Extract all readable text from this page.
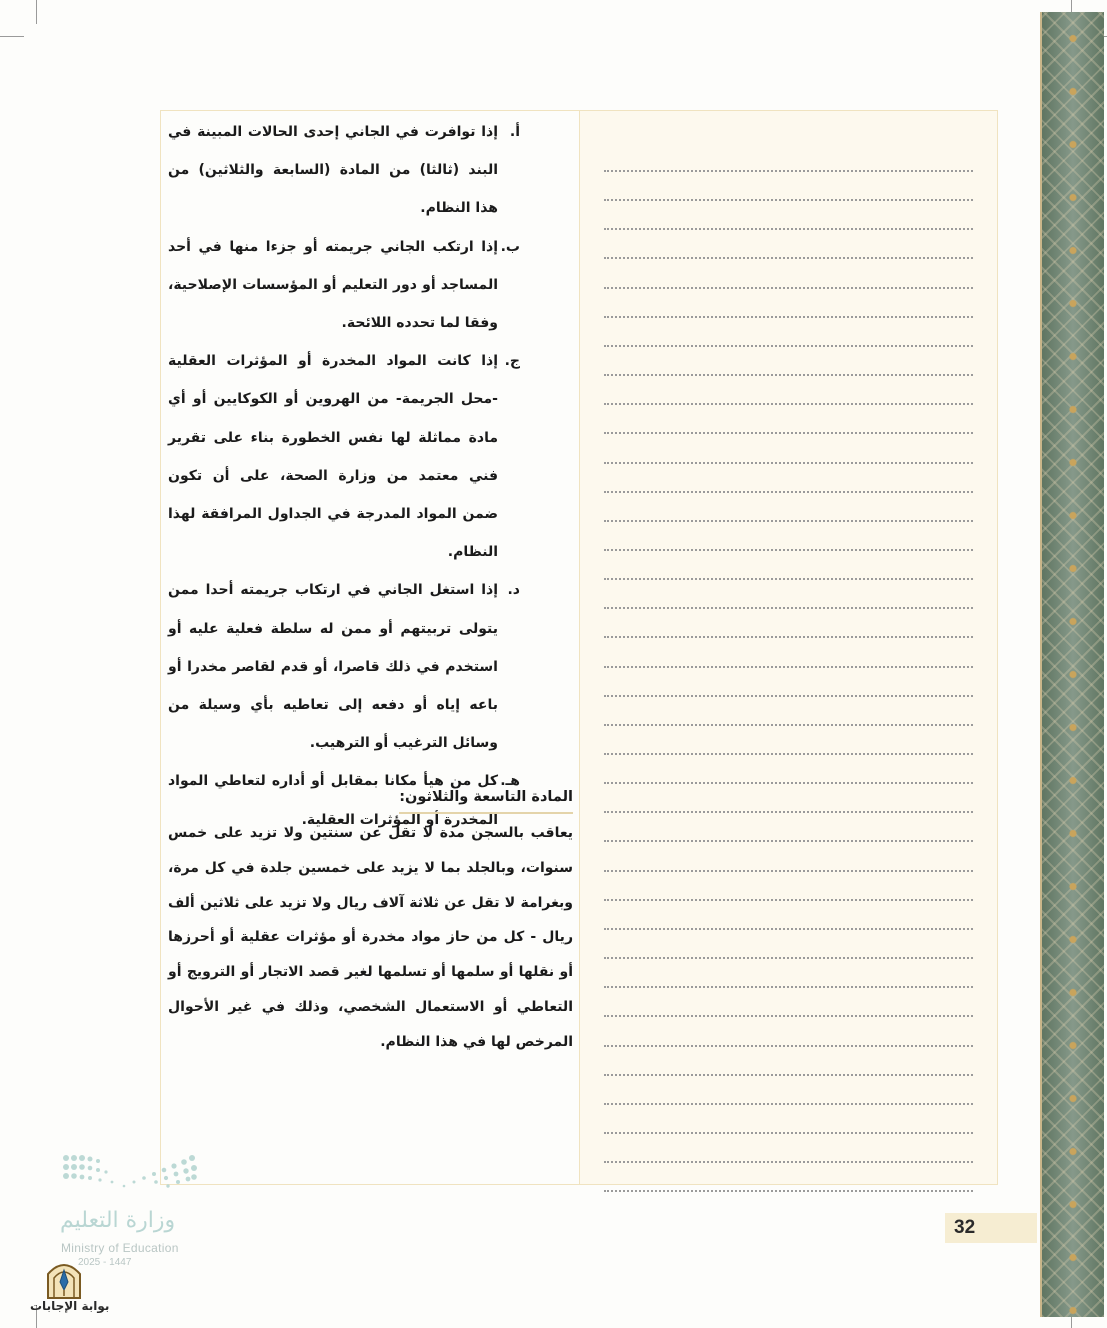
أ.
إذا توافرت في الجاني إحدى الحالات المبينة في البند (ثالثا) من المادة (السابعة والثلاثين) من هذا النظام.
ب.
إذا ارتكب الجاني جريمته أو جزءا منها في أحد المساجد أو دور التعليم أو المؤسسات الإصلاحية، وفقا لما تحدده اللائحة.
ج.
إذا كانت المواد المخدرة أو المؤثرات العقلية -محل الجريمة- من الهروين أو الكوكايين أو أي مادة مماثلة لها نفس الخطورة بناء على تقرير فني معتمد من وزارة الصحة، على أن تكون ضمن المواد المدرجة في الجداول المرافقة لهذا النظام.
د.
إذا استغل الجاني في ارتكاب جريمته أحدا ممن يتولى تربيتهم أو ممن له سلطة فعلية عليه أو استخدم في ذلك قاصرا، أو قدم لقاصر مخدرا أو باعه إياه أو دفعه إلى تعاطيه بأي وسيلة من وسائل الترغيب أو الترهيب.
هـ.
كل من هيأ مكانا بمقابل أو أداره لتعاطي المواد المخدرة أو المؤثرات العقلية.
المادة التاسعة والثلاثون:
يعاقب بالسجن مدة لا تقل عن سنتين ولا تزيد على خمس سنوات، وبالجلد بما لا يزيد على خمسين جلدة في كل مرة، وبغرامة لا تقل عن ثلاثة آلاف ريال ولا تزيد على ثلاثين ألف ريال - كل من حاز مواد مخدرة أو مؤثرات عقلية أو أحرزها أو نقلها أو سلمها أو تسلمها لغير قصد الاتجار أو الترويج أو التعاطي أو الاستعمال الشخصي، وذلك في غير الأحوال المرخص لها في هذا النظام.
32
وزارة التعليم
Ministry of Education
2025 - 1447
بوابة الإجابات
